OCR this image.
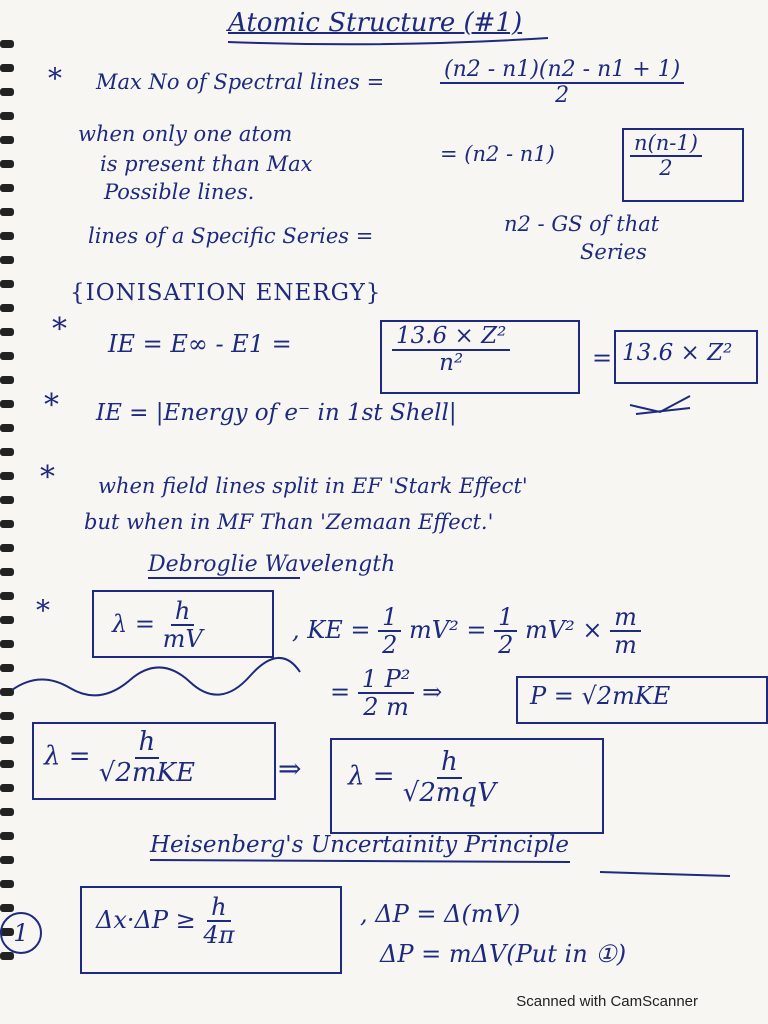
Atomic Structure (#1)
* Max No of Spectral lines =	$\frac{(n2 - n1)(n2 - n1 + 1)}{2}$
when only one atom
is present than Max
Possible lines.
= (n2 - n1)	$\frac{n(n-1)}{2}$
lines of a Specific Series =	n2 - GS of that
Series
{IONISATION ENERGY}
* IE = E∞ - E1 =	$\frac{\text{13.6 × Z²}}{\text{n²}}$	= 13.6 × Z²
* IE = |Energy of e⁻ in 1st Shell|
* when field lines split in EF 'Stark Effect'
but when in MF Than 'Zemaan Effect.'
Debroglie Wavelength
*	$\lambda = \frac{h}{mV}$	, KE = $\frac{1}{2} mV^2 = \frac{1}{2} mV^2 \times \frac{m}{m}$
= $\frac{\text{1 P²}}{2 m}$ ⇒	P = √2mKE
$\lambda = \frac{h}{\text{√2mKE}}$	⇒ $\lambda = \frac{h}{\text{√2mqV}}$
Heisenberg's Uncertainity Principle
1	$\Delta x\cdot\Delta P \ge \frac{h}{4\pi}$	, ΔP = Δ(mV)
ΔP = mΔV(Put in ①)
Scanned with CamScanner
